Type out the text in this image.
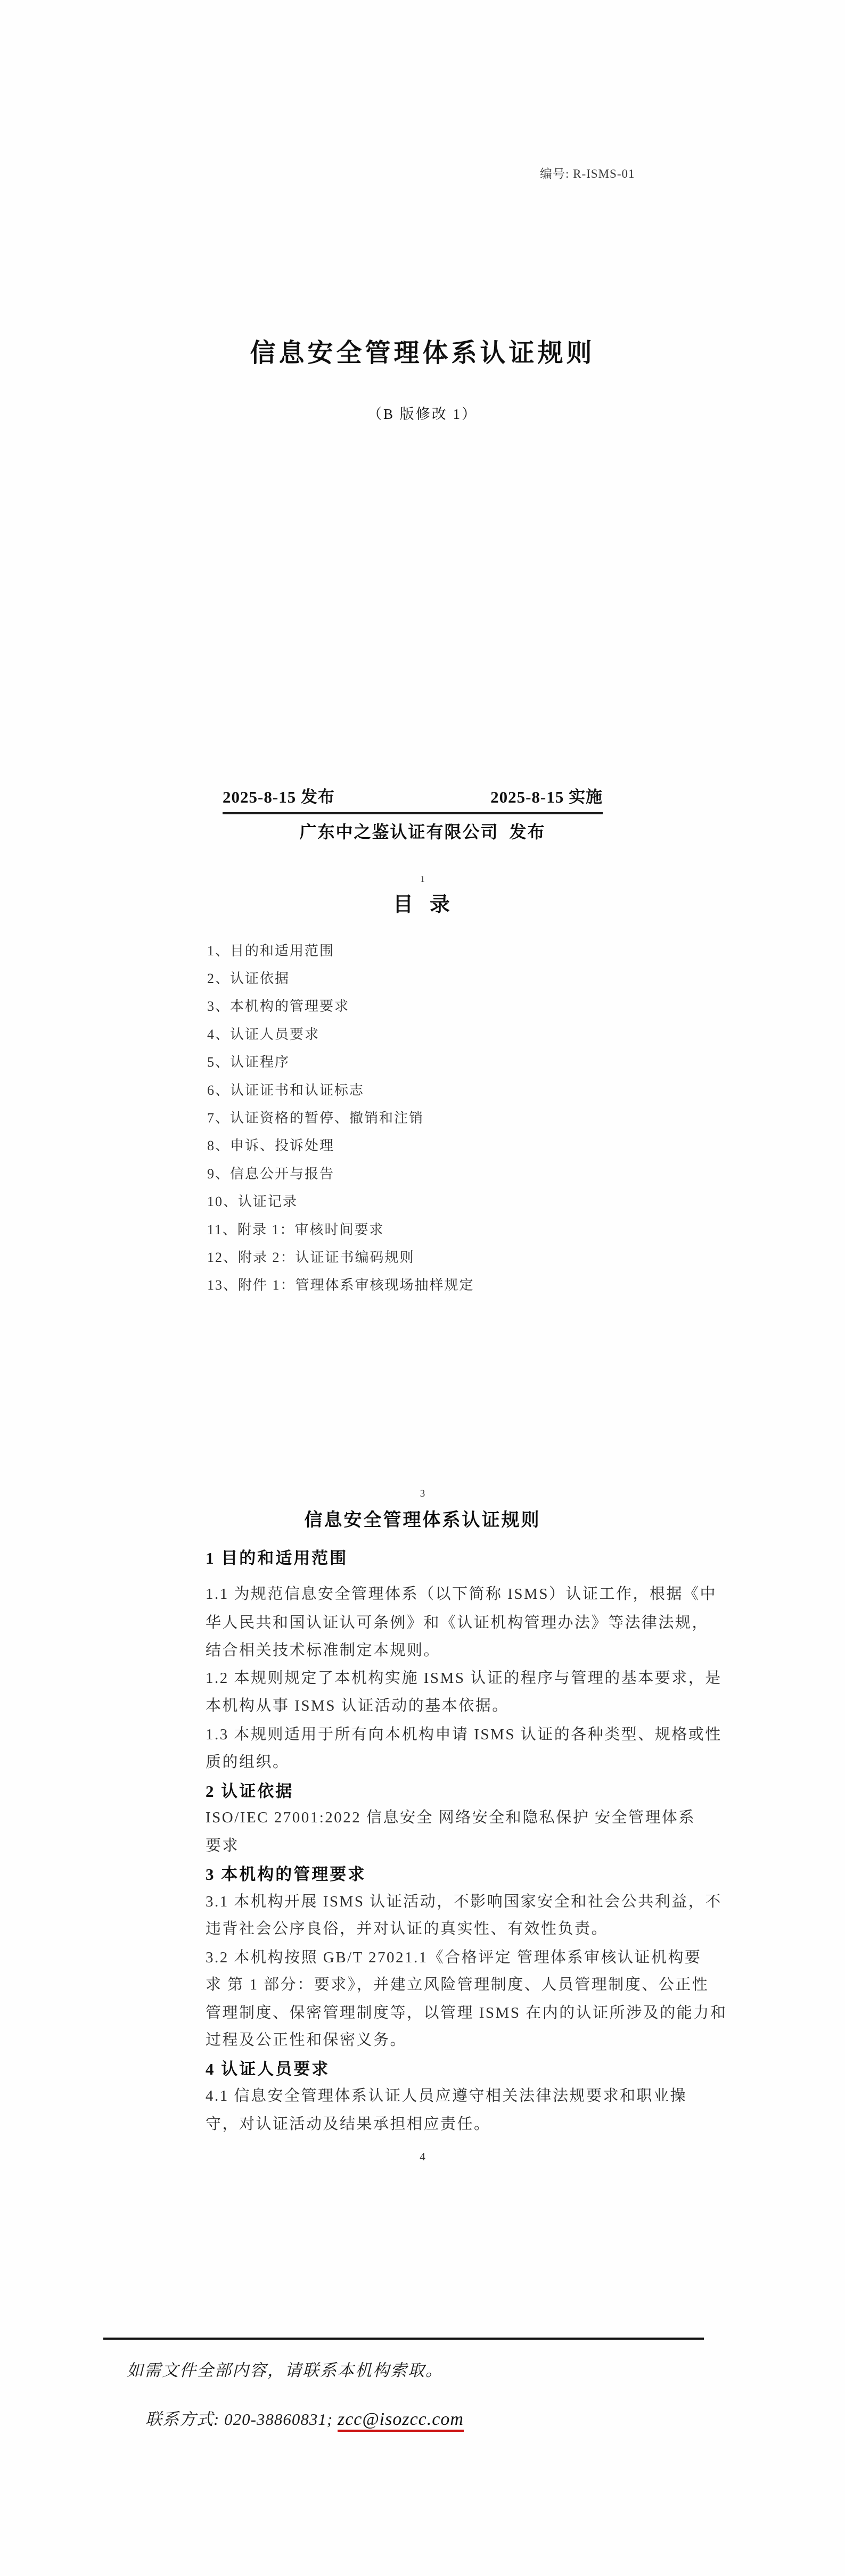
编号: R-ISMS-01
信息安全管理体系认证规则
（B 版修改 1）
2025-8-15 发布	2025-8-15 实施
广东中之鉴认证有限公司  发布
1
目  录
1、目的和适用范围
2、认证依据
3、本机构的管理要求
4、认证人员要求
5、认证程序
6、认证证书和认证标志
7、认证资格的暂停、撤销和注销
8、申诉、投诉处理
9、信息公开与报告
10、认证记录
11、附录 1：审核时间要求
12、附录 2：认证证书编码规则
13、附件 1：管理体系审核现场抽样规定
3
信息安全管理体系认证规则
1 目的和适用范围
1.1 为规范信息安全管理体系（以下简称 ISMS）认证工作，根据《中
华人民共和国认证认可条例》和《认证机构管理办法》等法律法规，
结合相关技术标准制定本规则。
1.2 本规则规定了本机构实施 ISMS 认证的程序与管理的基本要求，是
本机构从事 ISMS 认证活动的基本依据。
1.3 本规则适用于所有向本机构申请 ISMS 认证的各种类型、规格或性
质的组织。
2 认证依据
ISO/IEC 27001:2022 信息安全 网络安全和隐私保护 安全管理体系
要求
3 本机构的管理要求
3.1 本机构开展 ISMS 认证活动，不影响国家安全和社会公共利益，不
违背社会公序良俗，并对认证的真实性、有效性负责。
3.2 本机构按照 GB/T 27021.1《合格评定 管理体系审核认证机构要
求 第 1 部分：要求》，并建立风险管理制度、人员管理制度、公正性
管理制度、保密管理制度等，以管理 ISMS 在内的认证所涉及的能力和
过程及公正性和保密义务。
4 认证人员要求
4.1 信息安全管理体系认证人员应遵守相关法律法规要求和职业操
守，对认证活动及结果承担相应责任。
4
如需文件全部内容，请联系本机构索取。

联系方式: 020-38860831; zcc@isozcc.com
